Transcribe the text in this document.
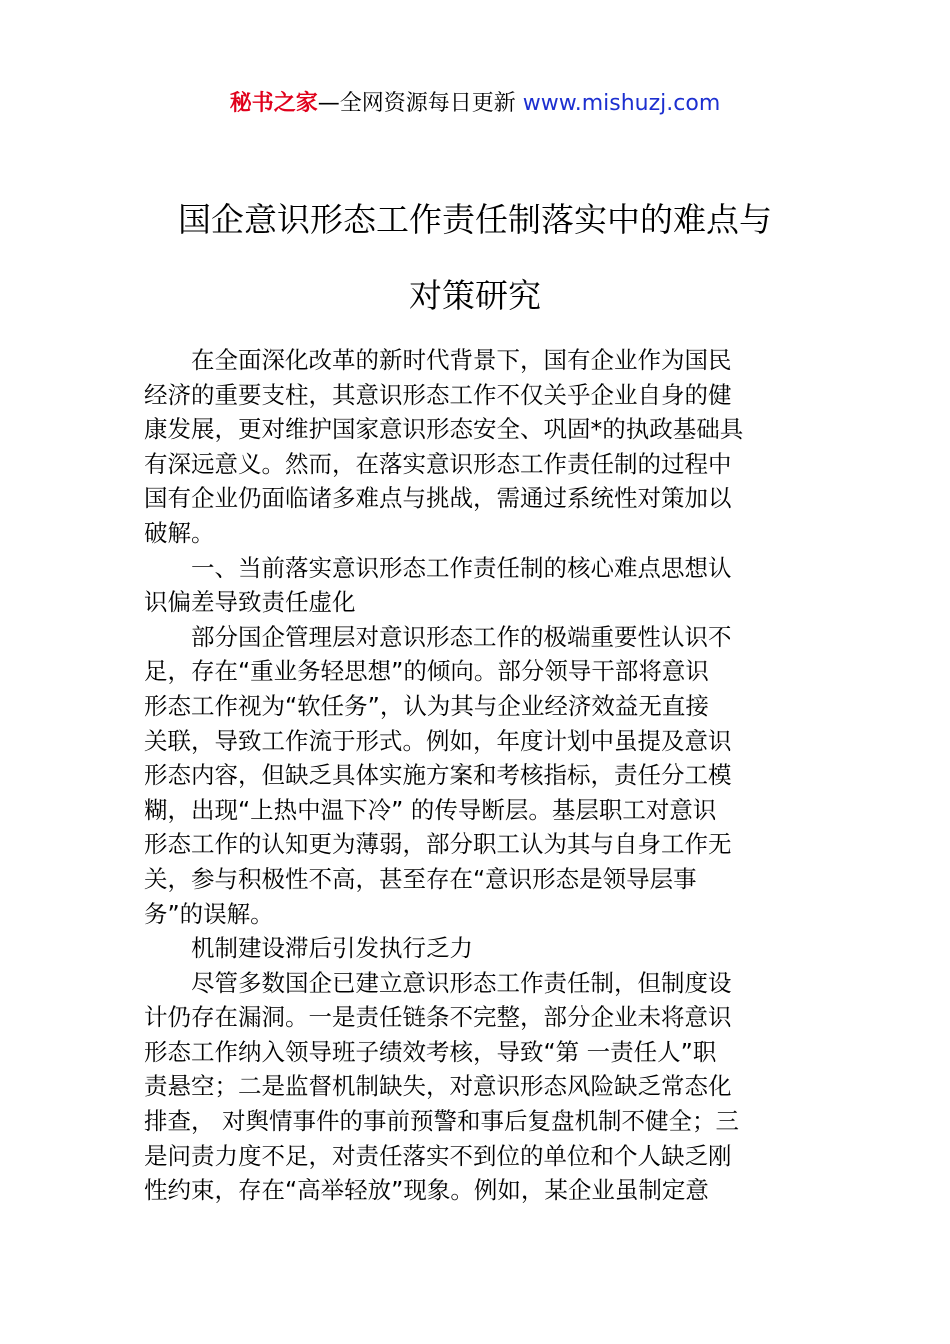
秘书之家—全网资源每日更新 www.mishuzj.com
国企意识形态工作责任制落实中的难点与
对策研究
在全面深化改革的新时代背景下，国有企业作为国民
经济的重要支柱，其意识形态工作不仅关乎企业自身的健
康发展，更对维护国家意识形态安全、巩固*的执政基础具
有深远意义。然而，在落实意识形态工作责任制的过程中
国有企业仍面临诸多难点与挑战，需通过系统性对策加以
破解。
一、当前落实意识形态工作责任制的核心难点思想认
识偏差导致责任虚化
部分国企管理层对意识形态工作的极端重要性认识不
足，存在“重业务轻思想”的倾向。部分领导干部将意识
形态工作视为“软任务”，认为其与企业经济效益无直接
关联，导致工作流于形式。例如，年度计划中虽提及意识
形态内容，但缺乏具体实施方案和考核指标，责任分工模
糊，出现“上热中温下冷” 的传导断层。基层职工对意识
形态工作的认知更为薄弱，部分职工认为其与自身工作无
关，参与积极性不高，甚至存在“意识形态是领导层事
务”的误解。
机制建设滞后引发执行乏力
尽管多数国企已建立意识形态工作责任制，但制度设
计仍存在漏洞。一是责任链条不完整，部分企业未将意识
形态工作纳入领导班子绩效考核，导致“第 一责任人”职
责悬空；二是监督机制缺失，对意识形态风险缺乏常态化
排查， 对舆情事件的事前预警和事后复盘机制不健全；三
是问责力度不足，对责任落实不到位的单位和个人缺乏刚
性约束，存在“高举轻放”现象。例如，某企业虽制定意
